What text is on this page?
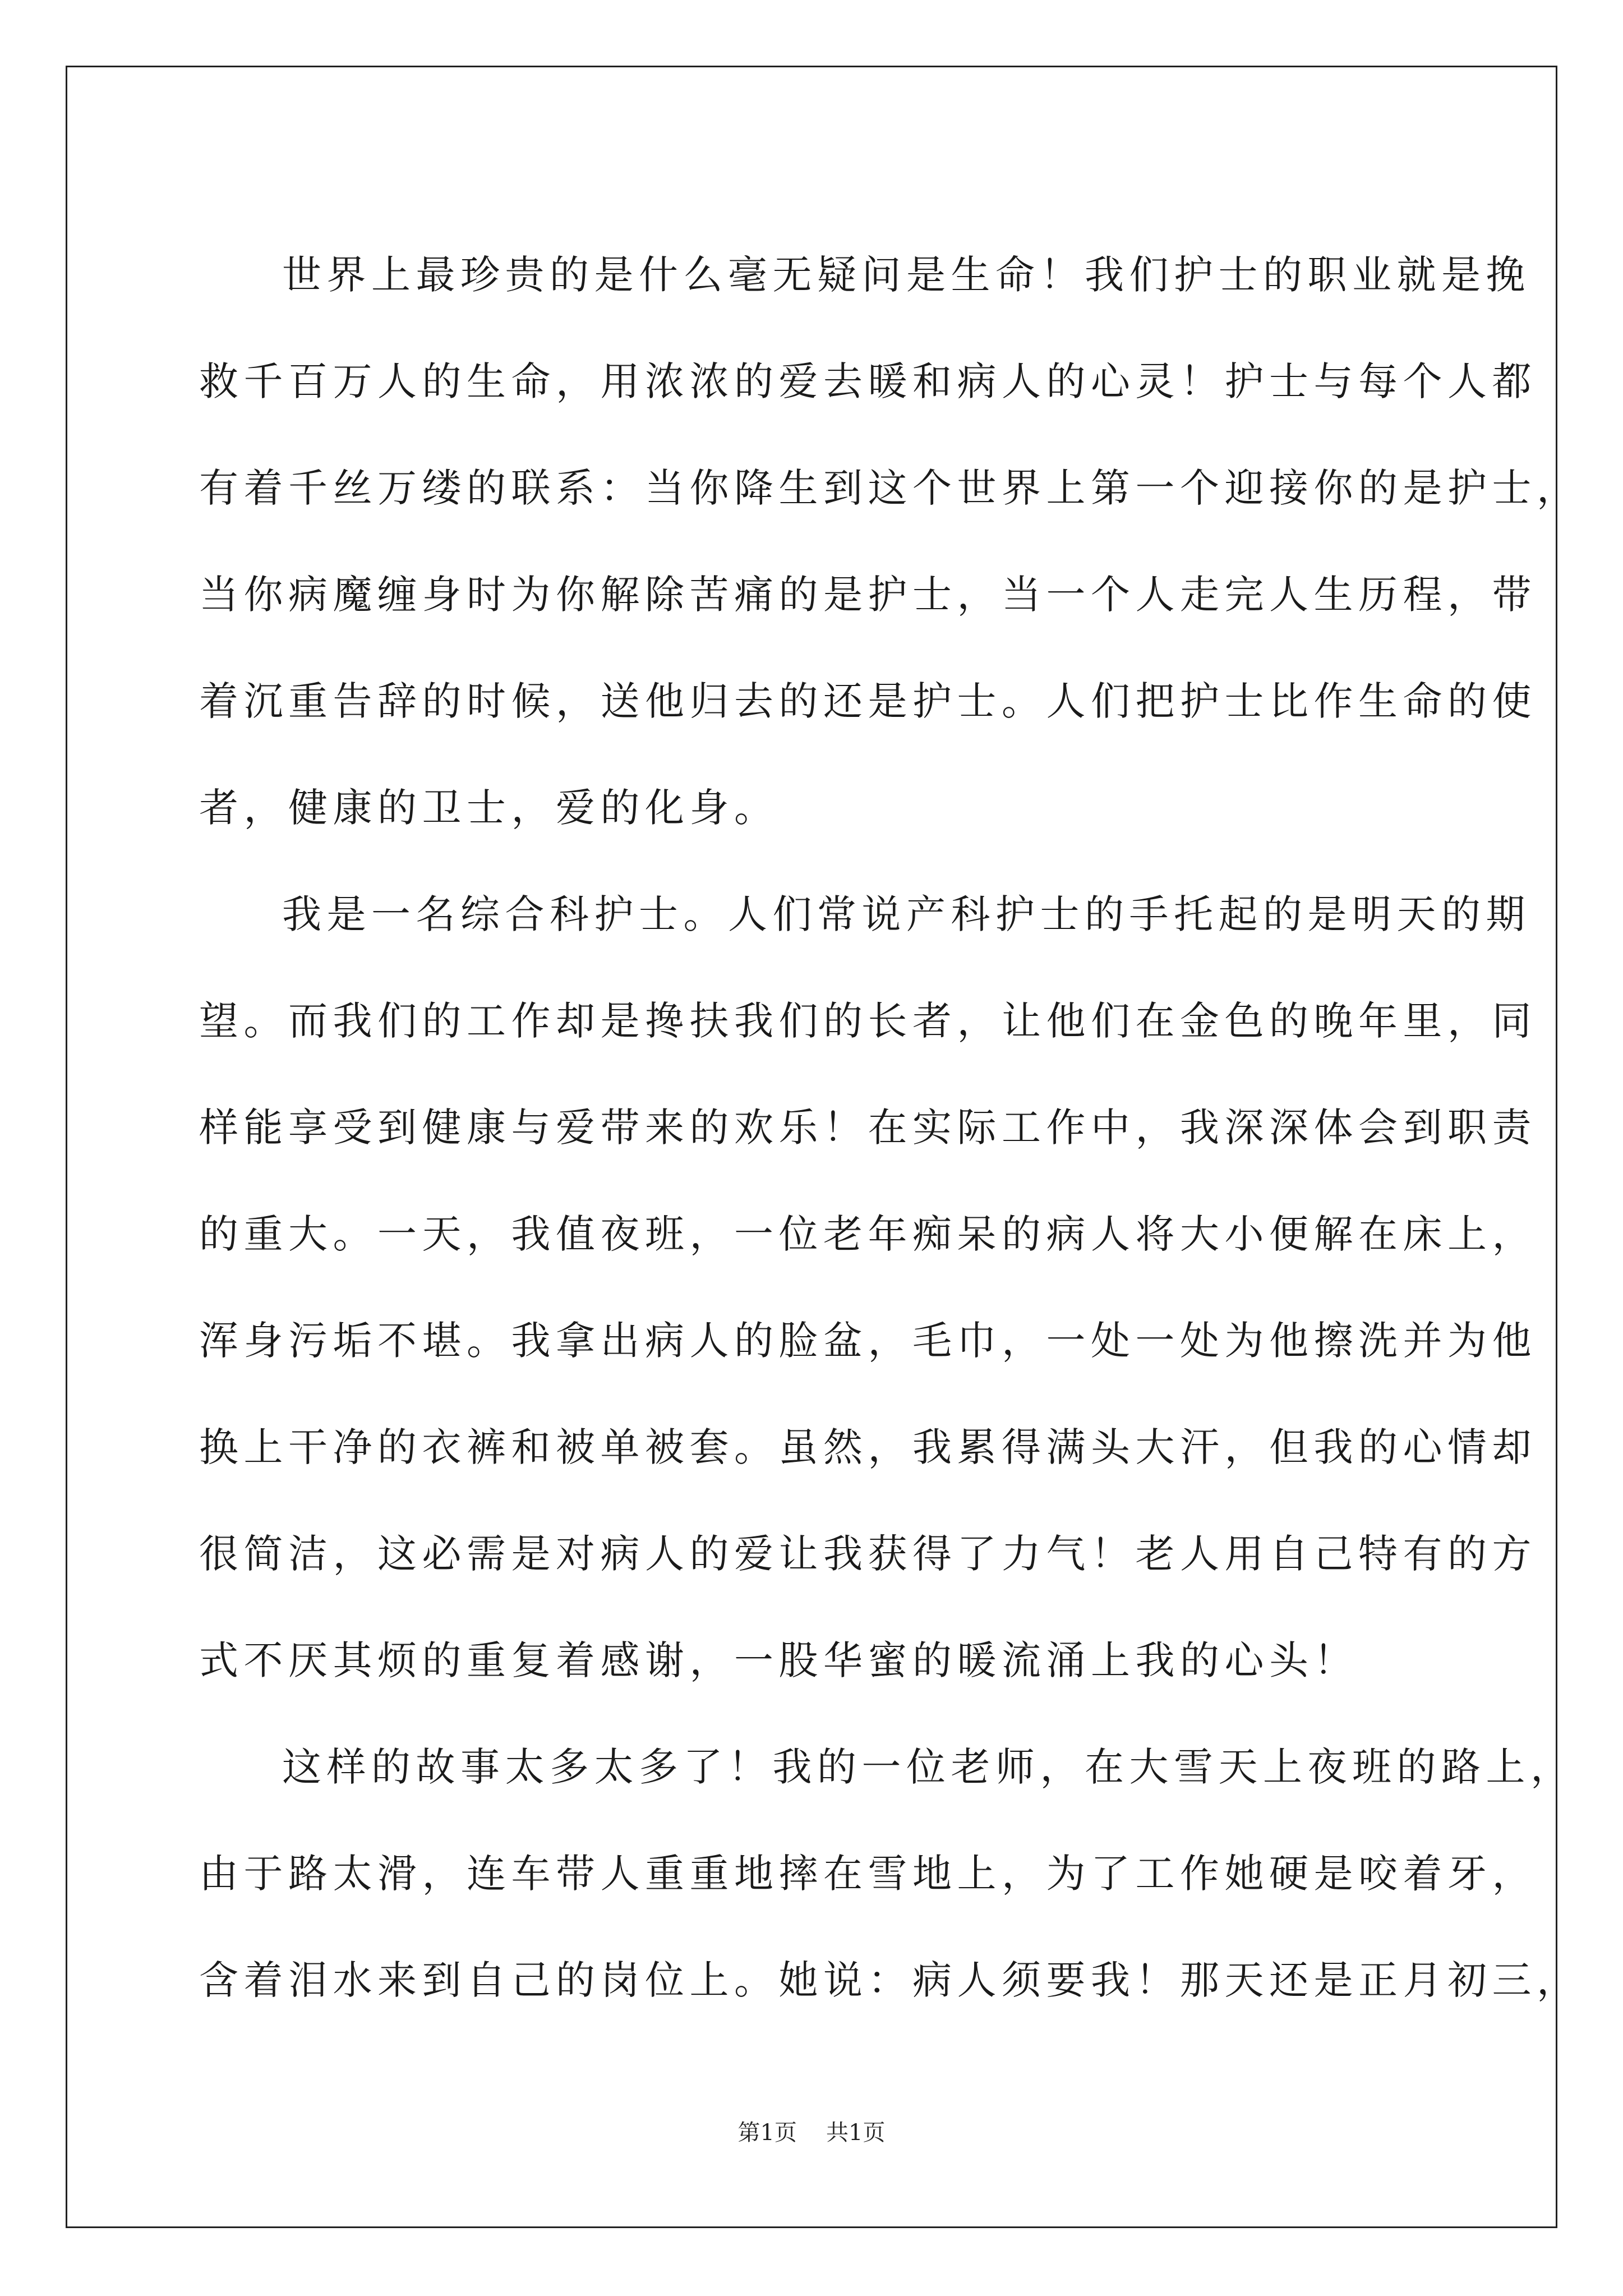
世界上最珍贵的是什么毫无疑问是生命！我们护士的职业就是挽
救千百万人的生命，用浓浓的爱去暖和病人的心灵！护士与每个人都
有着千丝万缕的联系：当你降生到这个世界上第一个迎接你的是护士，
当你病魔缠身时为你解除苦痛的是护士，当一个人走完人生历程，带
着沉重告辞的时候，送他归去的还是护士。人们把护士比作生命的使
者，健康的卫士，爱的化身。
我是一名综合科护士。人们常说产科护士的手托起的是明天的期
望。而我们的工作却是搀扶我们的长者，让他们在金色的晚年里，同
样能享受到健康与爱带来的欢乐！在实际工作中，我深深体会到职责
的重大。一天，我值夜班，一位老年痴呆的病人将大小便解在床上，
浑身污垢不堪。我拿出病人的脸盆，毛巾，一处一处为他擦洗并为他
换上干净的衣裤和被单被套。虽然，我累得满头大汗，但我的心情却
很简洁，这必需是对病人的爱让我获得了力气！老人用自己特有的方
式不厌其烦的重复着感谢，一股华蜜的暖流涌上我的心头！
这样的故事太多太多了！我的一位老师，在大雪天上夜班的路上，
由于路太滑，连车带人重重地摔在雪地上，为了工作她硬是咬着牙，
含着泪水来到自己的岗位上。她说：病人须要我！那天还是正月初三，
第1页 共1页
